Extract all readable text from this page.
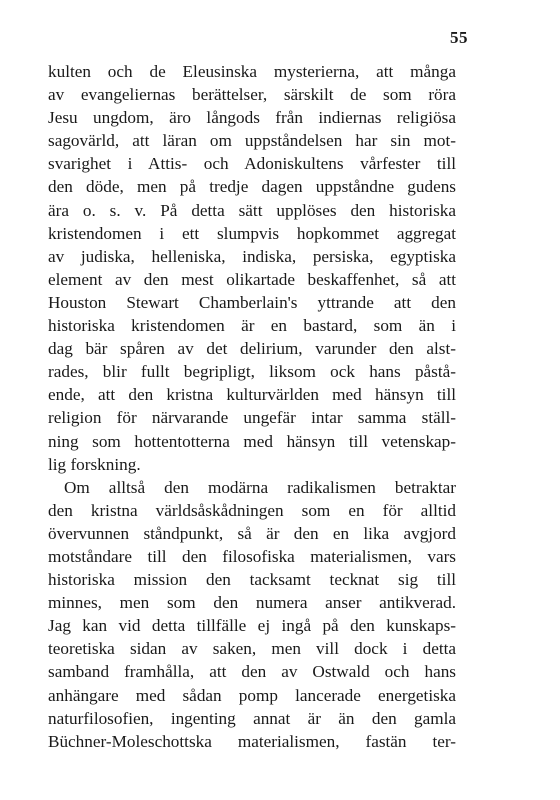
55
kulten och de Eleusinska mysterierna, att många
av evangeliernas berättelser, särskilt de som röra
Jesu ungdom, äro långods från indiernas religiösa
sagovärld, att läran om uppståndelsen har sin mot-
svarighet i Attis- och Adoniskultens vårfester till
den döde, men på tredje dagen uppståndne gudens
ära o. s. v. På detta sätt upplöses den historiska
kristendomen i ett slumpvis hopkommet aggregat
av judiska, helleniska, indiska, persiska, egyptiska
element av den mest olikartade beskaffenhet, så att
Houston Stewart Chamberlain's yttrande att den
historiska kristendomen är en bastard, som än i
dag bär spåren av det delirium, varunder den alst-
rades, blir fullt begripligt, liksom ock hans påstå-
ende, att den kristna kulturvärlden med hänsyn till
religion för närvarande ungefär intar samma ställ-
ning som hottentotterna med hänsyn till vetenskap-
lig forskning.
Om alltså den modärna radikalismen betraktar
den kristna världsåskådningen som en för alltid
övervunnen ståndpunkt, så är den en lika avgjord
motståndare till den filosofiska materialismen, vars
historiska mission den tacksamt tecknat sig till
minnes, men som den numera anser antikverad.
Jag kan vid detta tillfälle ej ingå på den kunskaps-
teoretiska sidan av saken, men vill dock i detta
samband framhålla, att den av Ostwald och hans
anhängare med sådan pomp lancerade energetiska
naturfilosofien, ingenting annat är än den gamla
Büchner-Moleschottska materialismen, fastän ter-
